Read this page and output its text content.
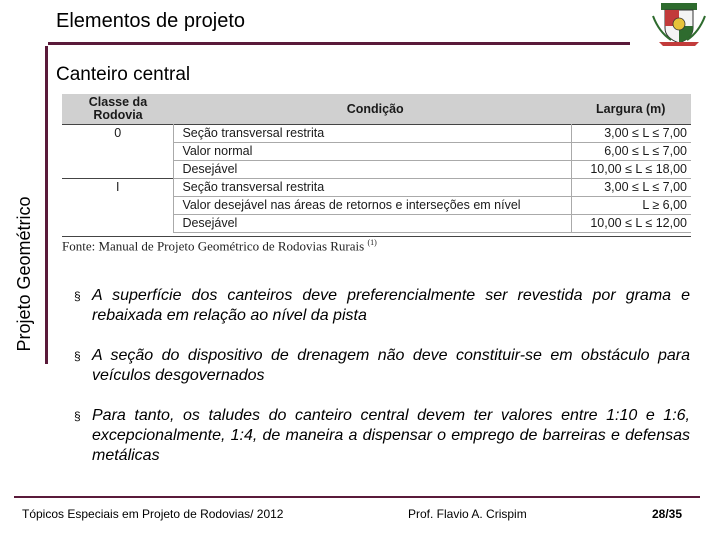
Elementos de projeto
Projeto Geométrico
Canteiro central
Classe da Rodovia	Condição	Largura (m)
0	Seção transversal restrita	3,00 ≤ L ≤ 7,00
	Valor normal	6,00 ≤ L ≤ 7,00
	Desejável	10,00 ≤ L ≤ 18,00
I	Seção transversal restrita	3,00 ≤ L ≤ 7,00
	Valor desejável nas áreas de retornos e interseções em nível	L ≥ 6,00
	Desejável	10,00 ≤ L ≤ 12,00
Fonte: Manual de Projeto Geométrico de Rodovias Rurais $^{(1)}$
§ A superfície dos canteiros deve preferencialmente ser revestida por grama e rebaixada em relação ao nível da pista
§ A seção do dispositivo de drenagem não deve constituir-se em obstáculo para veículos desgovernados
§ Para tanto, os taludes do canteiro central devem ter valores entre 1:10 e 1:6, excepcionalmente, 1:4, de maneira a dispensar o emprego de barreiras e defensas metálicas
Tópicos Especiais em Projeto de Rodovias/ 2012	Prof. Flavio A. Crispim	28/35
